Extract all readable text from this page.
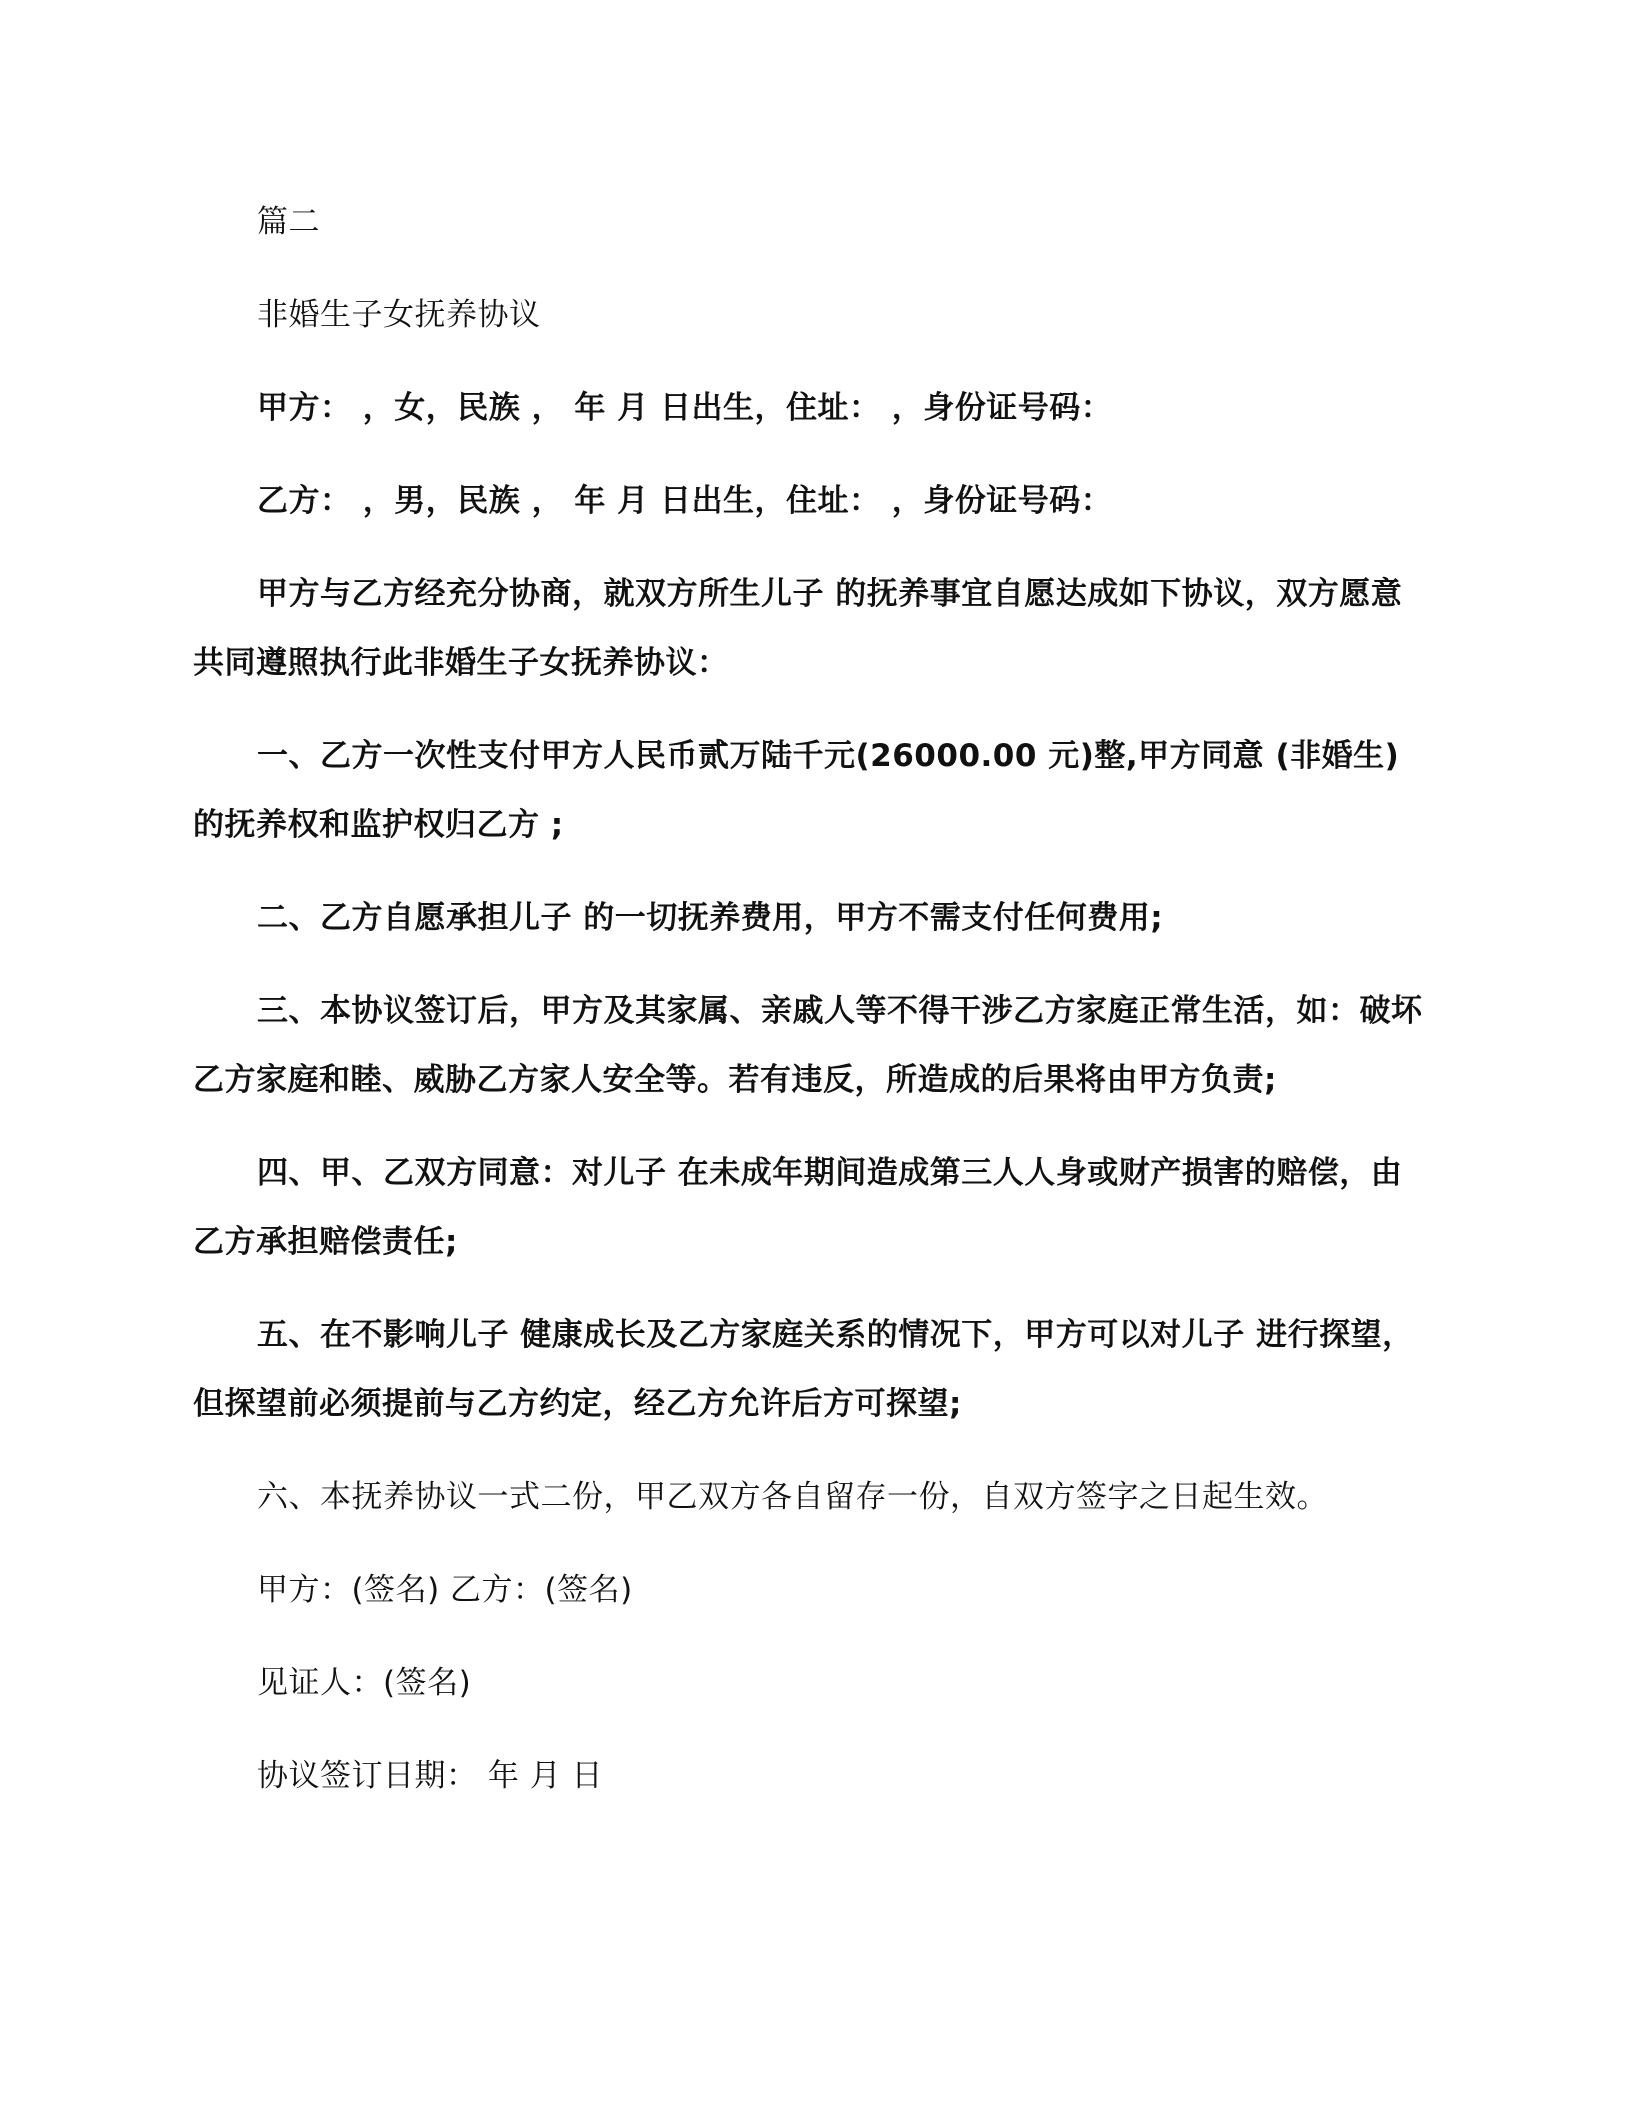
篇二

非婚生子女抚养协议

甲方： ，女，民族 ， 年 月 日出生，住址： ，身份证号码：

乙方： ，男，民族 ， 年 月 日出生，住址： ，身份证号码：

甲方与乙方经充分协商，就双方所生儿子 的抚养事宜自愿达成如下协议，双方愿意共同遵照执行此非婚生子女抚养协议：

一、乙方一次性支付甲方人民币贰万陆千元(26000.00 元)整,甲方同意 (非婚生)的抚养权和监护权归乙方 ;

二、乙方自愿承担儿子 的一切抚养费用，甲方不需支付任何费用;

三、本协议签订后，甲方及其家属、亲戚人等不得干涉乙方家庭正常生活，如：破坏乙方家庭和睦、威胁乙方家人安全等。若有违反，所造成的后果将由甲方负责;

四、甲、乙双方同意：对儿子 在未成年期间造成第三人人身或财产损害的赔偿，由乙方承担赔偿责任;

五、在不影响儿子 健康成长及乙方家庭关系的情况下，甲方可以对儿子 进行探望，但探望前必须提前与乙方约定，经乙方允许后方可探望;

六、本抚养协议一式二份，甲乙双方各自留存一份，自双方签字之日起生效。

甲方：(签名) 乙方：(签名)

见证人：(签名)

协议签订日期： 年 月 日
